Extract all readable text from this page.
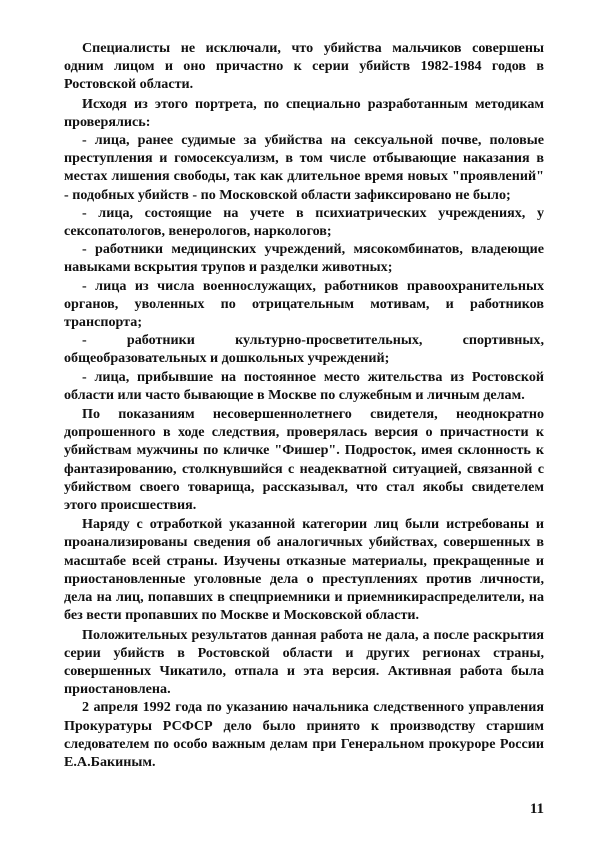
Специалисты не исключали, что убийства мальчиков совершены одним лицом и оно причастно к серии убийств 1982-1984 годов в Ростовской области.

Исходя из этого портрета, по специально разработанным методикам проверялись:

- лица, ранее судимые за убийства на сексуальной почве, половые преступления и гомосексуализм, в том числе отбывающие наказания в местах лишения свободы, так как длительное время новых "проявлений" - подобных убийств - по Московской области зафиксировано не было;

- лица, состоящие на учете в психиатрических учреждениях, у сексопатологов, венерологов, наркологов;

- работники медицинских учреждений, мясокомбинатов, владеющие навыками вскрытия трупов и разделки животных;

- лица из числа военнослужащих, работников правоохранительных органов, уволенных по отрицательным мотивам, и работников транспорта;

- работники культурно-просветительных, спортивных, общеобразовательных и дошкольных учреждений;

- лица, прибывшие на постоянное место жительства из Ростовской области или часто бывающие в Москве по служебным и личным делам.

По показаниям несовершеннолетнего свидетеля, неоднократно допрошенного в ходе следствия, проверялась версия о причастности к убийствам мужчины по кличке "Фишер". Подросток, имея склонность к фантазированию, столкнувшийся с неадекватной ситуацией, связанной с убийством своего товарища, рассказывал, что стал якобы свидетелем этого происшествия.

Наряду с отработкой указанной категории лиц были истребованы и проанализированы сведения об аналогичных убийствах, совершенных в масштабе всей страны. Изучены отказные материалы, прекращенные и приостановленные уголовные дела о преступлениях против личности, дела на лиц, попавших в спецприемники и приемникираспределители, на без вести пропавших по Москве и Московской области.

Положительных результатов данная работа не дала, а после раскрытия серии убийств в Ростовской области и других регионах страны, совершенных Чикатило, отпала и эта версия. Активная работа была приостановлена.

2 апреля 1992 года по указанию начальника следственного управления Прокуратуры РСФСР дело было принято к производству старшим следователем по особо важным делам при Генеральном прокуроре России Е.А.Бакиным.

11
